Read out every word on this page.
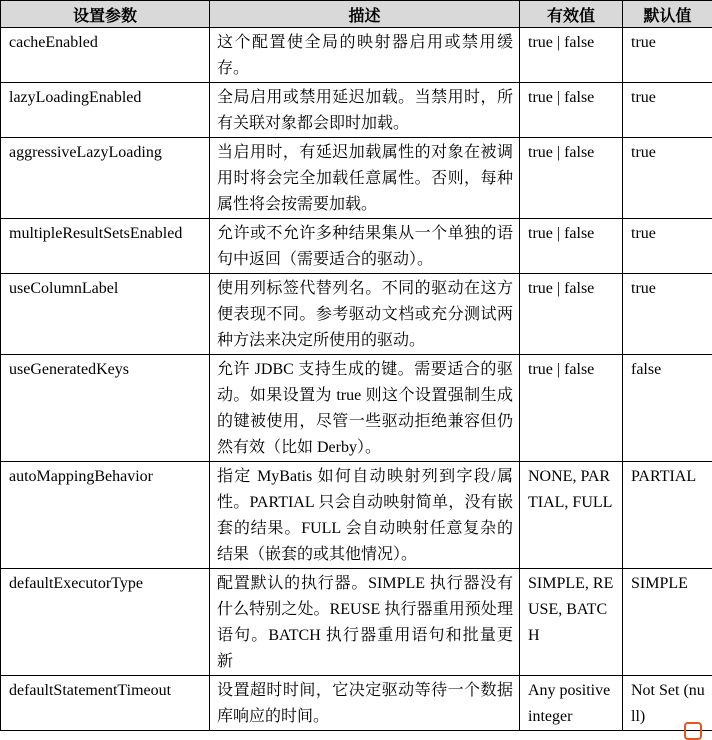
设置参数	描述	有效值	默认值
cacheEnabled	这个配置使全局的映射器启用或禁用缓存。	true | false	true
lazyLoadingEnabled	全局启用或禁用延迟加载。当禁用时，所有关联对象都会即时加载。	true | false	true
aggressiveLazyLoading	当启用时，有延迟加载属性的对象在被调用时将会完全加载任意属性。否则，每种属性将会按需要加载。	true | false	true
multipleResultSetsEnabled	允许或不允许多种结果集从一个单独的语句中返回（需要适合的驱动）。	true | false	true
useColumnLabel	使用列标签代替列名。不同的驱动在这方便表现不同。参考驱动文档或充分测试两种方法来决定所使用的驱动。	true | false	true
useGeneratedKeys	允许 JDBC 支持生成的键。需要适合的驱动。如果设置为 true 则这个设置强制生成的键被使用，尽管一些驱动拒绝兼容但仍然有效（比如 Derby）。	true | false	false
autoMappingBehavior	指定 MyBatis 如何自动映射列到字段/属性。PARTIAL 只会自动映射简单，没有嵌套的结果。FULL 会自动映射任意复杂的结果（嵌套的或其他情况）。	NONE, PARTIAL, FULL	PARTIAL
defaultExecutorType	配置默认的执行器。SIMPLE 执行器没有什么特别之处。REUSE 执行器重用预处理语句。BATCH 执行器重用语句和批量更新	SIMPLE, REUSE, BATCH	SIMPLE
defaultStatementTimeout	设置超时时间，它决定驱动等待一个数据库响应的时间。	Any positive integer	Not Set (null)
